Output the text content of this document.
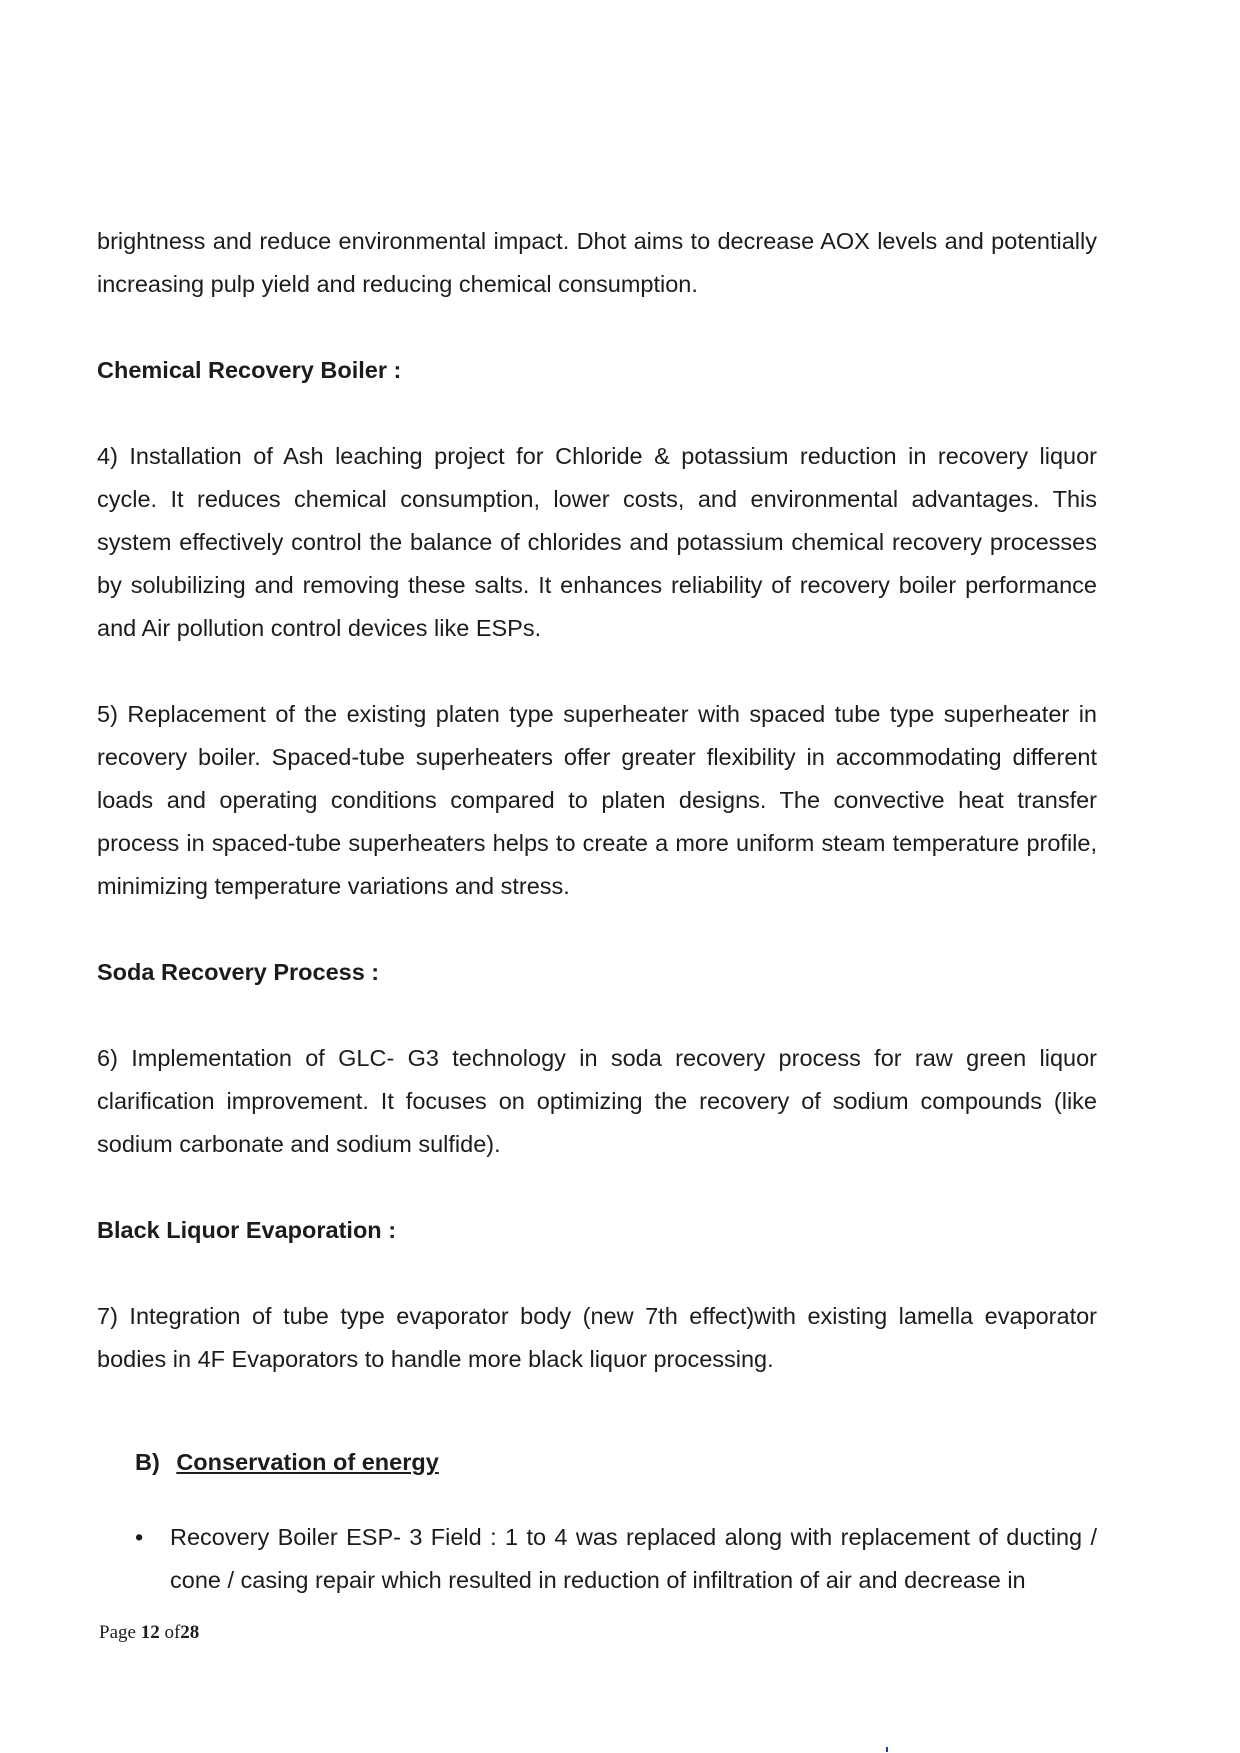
brightness and reduce environmental impact. Dhot aims to decrease AOX levels and potentially increasing pulp yield and reducing chemical consumption.

Chemical Recovery Boiler :

4) Installation of Ash leaching project for Chloride & potassium reduction in recovery liquor cycle. It reduces chemical consumption, lower costs, and environmental advantages. This system effectively control the balance of chlorides and potassium chemical recovery processes by solubilizing and removing these salts. It enhances reliability of recovery boiler performance and Air pollution control devices like ESPs.

5) Replacement of the existing platen type superheater with spaced tube type superheater in recovery boiler. Spaced-tube superheaters offer greater flexibility in accommodating different loads and operating conditions compared to platen designs. The convective heat transfer process in spaced-tube superheaters helps to create a more uniform steam temperature profile, minimizing temperature variations and stress.

Soda Recovery Process :

6) Implementation of GLC- G3 technology in soda recovery process for raw green liquor clarification improvement. It focuses on optimizing the recovery of sodium compounds (like sodium carbonate and sodium sulfide).

Black Liquor Evaporation :

7) Integration of tube type evaporator body (new 7th effect)with existing lamella evaporator bodies in 4F Evaporators to handle more black liquor processing.

B) Conservation of energy

•	Recovery Boiler ESP- 3 Field : 1 to 4 was replaced along with replacement of ducting / cone / casing repair which resulted in reduction of infiltration of air and decrease in
Page 12 of28
